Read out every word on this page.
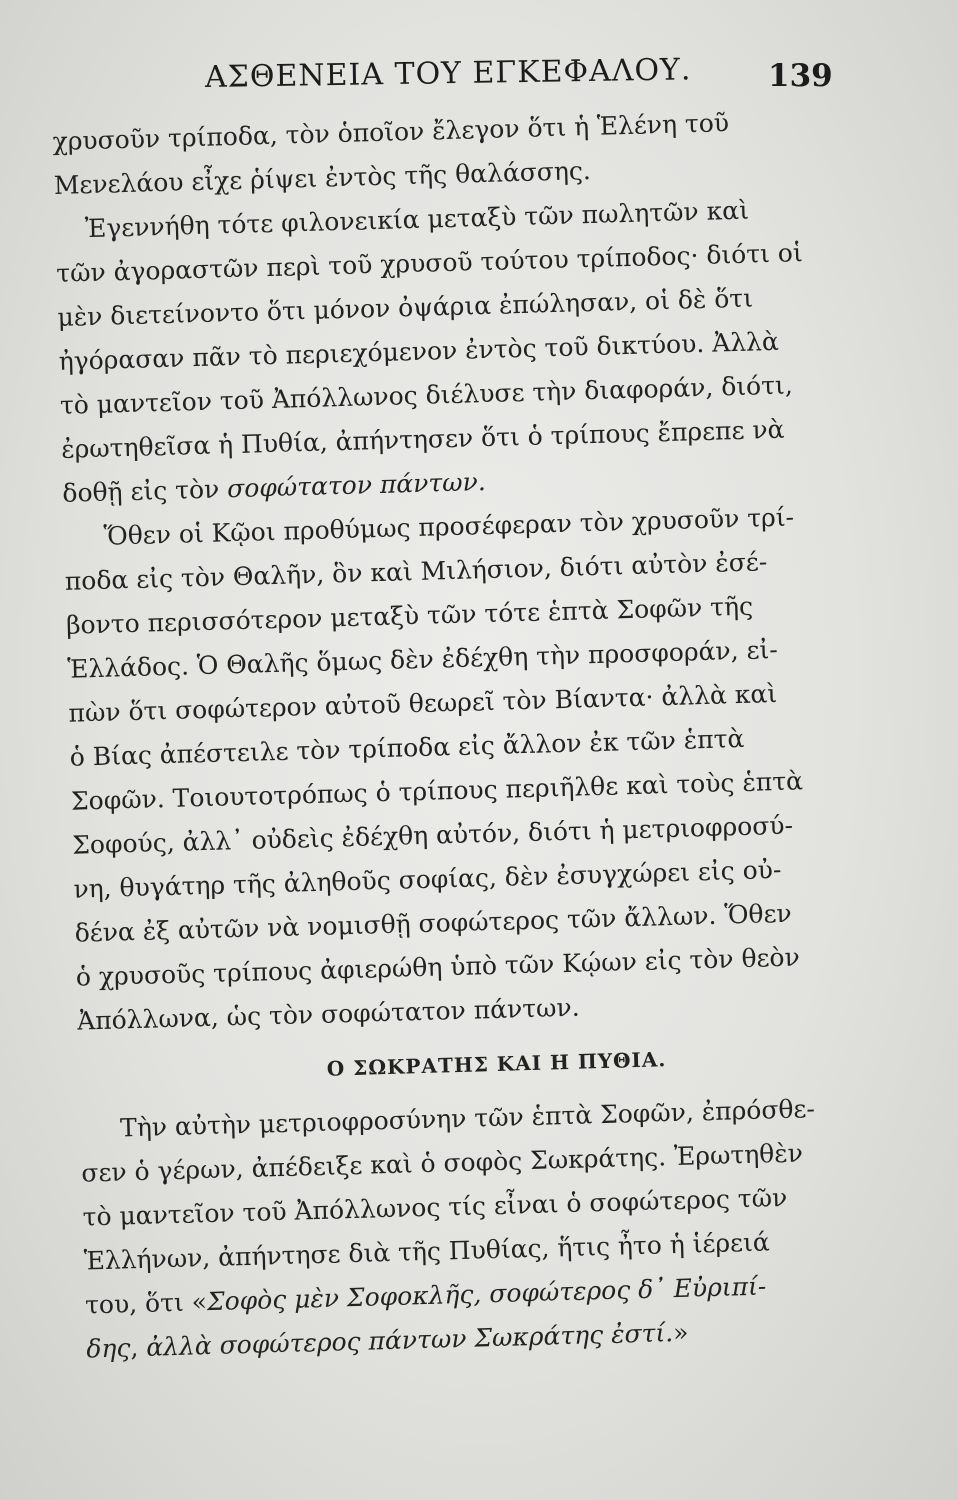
ΑΣΘΕΝΕΙΑ ΤΟΥ ΕΓΚΕΦΑΛΟΥ. 139
χρυσοῦν τρίποδα, τὸν ὁποῖον ἔλεγον ὅτι ἡ Ἑλένη τοῦ
Μενελάου εἶχε ῥίψει ἐντὸς τῆς θαλάσσης.
Ἐγεννήθη τότε φιλονεικία μεταξὺ τῶν πωλητῶν καὶ
τῶν ἀγοραστῶν περὶ τοῦ χρυσοῦ τούτου τρίποδος· διότι οἱ
μὲν διετείνοντο ὅτι μόνον ὀψάρια ἐπώλησαν, οἱ δὲ ὅτι
ἠγόρασαν πᾶν τὸ περιεχόμενον ἐντὸς τοῦ δικτύου. Ἀλλὰ
τὸ μαντεῖον τοῦ Ἀπόλλωνος διέλυσε τὴν διαφοράν, διότι,
ἐρωτηθεῖσα ἡ Πυθία, ἀπήντησεν ὅτι ὁ τρίπους ἔπρεπε νὰ
δοθῇ εἰς τὸν σοφώτατον πάντων.
Ὅθεν οἱ Κῷοι προθύμως προσέφεραν τὸν χρυσοῦν τρί-
ποδα εἰς τὸν Θαλῆν, ὃν καὶ Μιλήσιον, διότι αὐτὸν ἐσέ-
βοντο περισσότερον μεταξὺ τῶν τότε ἑπτὰ Σοφῶν τῆς
Ἑλλάδος. Ὁ Θαλῆς ὅμως δὲν ἐδέχθη τὴν προσφοράν, εἰ-
πὼν ὅτι σοφώτερον αὐτοῦ θεωρεῖ τὸν Βίαντα· ἀλλὰ καὶ
ὁ Βίας ἀπέστειλε τὸν τρίποδα εἰς ἄλλον ἐκ τῶν ἑπτὰ
Σοφῶν. Τοιουτοτρόπως ὁ τρίπους περιῆλθε καὶ τοὺς ἑπτὰ
Σοφούς, ἀλλ᾽ οὐδεὶς ἐδέχθη αὐτόν, διότι ἡ μετριοφροσύ-
νη, θυγάτηρ τῆς ἀληθοῦς σοφίας, δὲν ἐσυγχώρει εἰς οὐ-
δένα ἐξ αὐτῶν νὰ νομισθῇ σοφώτερος τῶν ἄλλων. Ὅθεν
ὁ χρυσοῦς τρίπους ἀφιερώθη ὑπὸ τῶν Κῴων εἰς τὸν θεὸν
Ἀπόλλωνα, ὡς τὸν σοφώτατον πάντων.
Ο ΣΩΚΡΑΤΗΣ ΚΑΙ Η ΠΥΘΙΑ.
Τὴν αὐτὴν μετριοφροσύνην τῶν ἑπτὰ Σοφῶν, ἐπρόσθε-
σεν ὁ γέρων, ἀπέδειξε καὶ ὁ σοφὸς Σωκράτης. Ἐρωτηθὲν
τὸ μαντεῖον τοῦ Ἀπόλλωνος τίς εἶναι ὁ σοφώτερος τῶν
Ἑλλήνων, ἀπήντησε διὰ τῆς Πυθίας, ἥτις ἦτο ἡ ἱέρειά
του, ὅτι «Σοφὸς μὲν Σοφοκλῆς, σοφώτερος δ᾽ Εὐριπί-
δης, ἀλλὰ σοφώτερος πάντων Σωκράτης ἐστί.»
